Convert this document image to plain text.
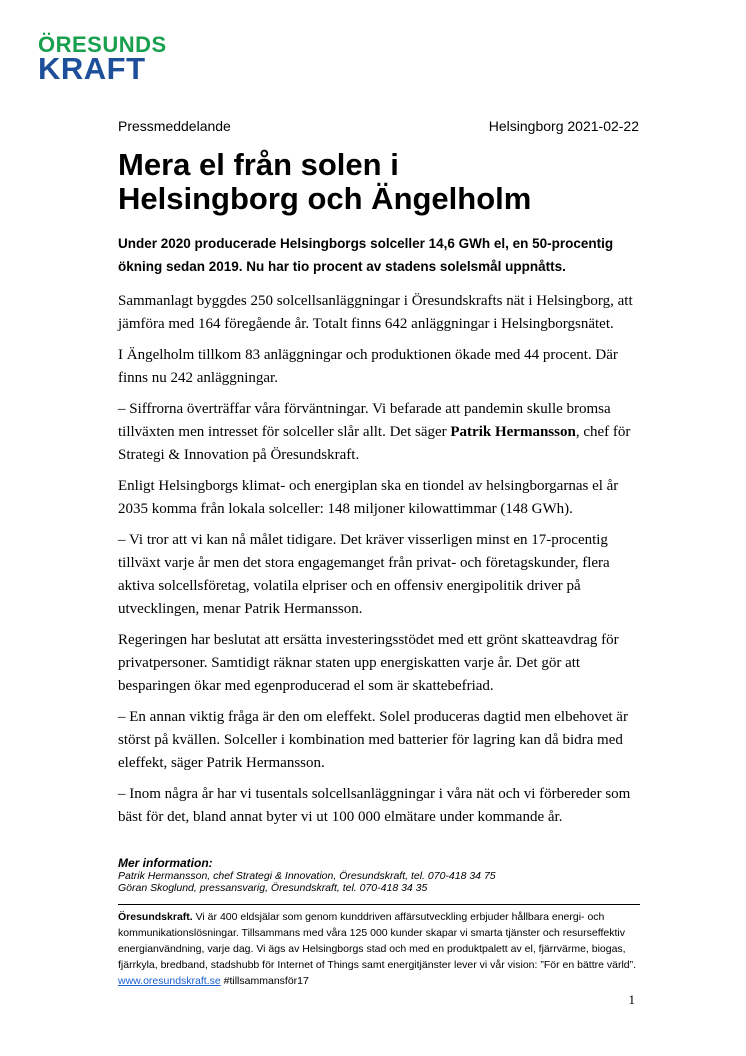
ÖRESUNDS
KRAFT
Pressmeddelande	Helsingborg 2021-02-22
Mera el från solen i
Helsingborg och Ängelholm

Under 2020 producerade Helsingborgs solceller 14,6 GWh el, en 50-procentig ökning sedan 2019. Nu har tio procent av stadens solelsmål uppnåtts.

Sammanlagt byggdes 250 solcellsanläggningar i Öresundskrafts nät i Helsingborg, att jämföra med 164 föregående år. Totalt finns 642 anläggningar i Helsingborgsnätet.

I Ängelholm tillkom 83 anläggningar och produktionen ökade med 44 procent. Där finns nu 242 anläggningar.

– Siffrorna överträffar våra förväntningar. Vi befarade att pandemin skulle bromsa tillväxten men intresset för solceller slår allt. Det säger Patrik Hermansson, chef för Strategi & Innovation på Öresundskraft.

Enligt Helsingborgs klimat- och energiplan ska en tiondel av helsingborgarnas el år 2035 komma från lokala solceller: 148 miljoner kilowattimmar (148 GWh).

– Vi tror att vi kan nå målet tidigare. Det kräver visserligen minst en 17-procentig tillväxt varje år men det stora engagemanget från privat- och företagskunder, flera aktiva solcellsföretag, volatila elpriser och en offensiv energipolitik driver på utvecklingen, menar Patrik Hermansson.

Regeringen har beslutat att ersätta investeringsstödet med ett grönt skatteavdrag för privatpersoner. Samtidigt räknar staten upp energiskatten varje år. Det gör att besparingen ökar med egenproducerad el som är skattebefriad.

– En annan viktig fråga är den om eleffekt. Solel produceras dagtid men elbehovet är störst på kvällen. Solceller i kombination med batterier för lagring kan då bidra med eleffekt, säger Patrik Hermansson.

– Inom några år har vi tusentals solcellsanläggningar i våra nät och vi förbereder som bäst för det, bland annat byter vi ut 100 000 elmätare under kommande år.

Mer information:
Patrik Hermansson, chef Strategi & Innovation, Öresundskraft, tel. 070-418 34 75
Göran Skoglund, pressansvarig, Öresundskraft, tel. 070-418 34 35
Öresundskraft. Vi är 400 eldsjälar som genom kunddriven affärsutveckling erbjuder hållbara energi- och kommunikationslösningar. Tillsammans med våra 125 000 kunder skapar vi smarta tjänster och resurseffektiv energianvändning, varje dag. Vi ägs av Helsingborgs stad och med en produktpalett av el, fjärrvärme, biogas, fjärrkyla, bredband, stadshubb för Internet of Things samt energitjänster lever vi vår vision: ”För en bättre värld”. www.oresundskraft.se #tillsammansför17
1
